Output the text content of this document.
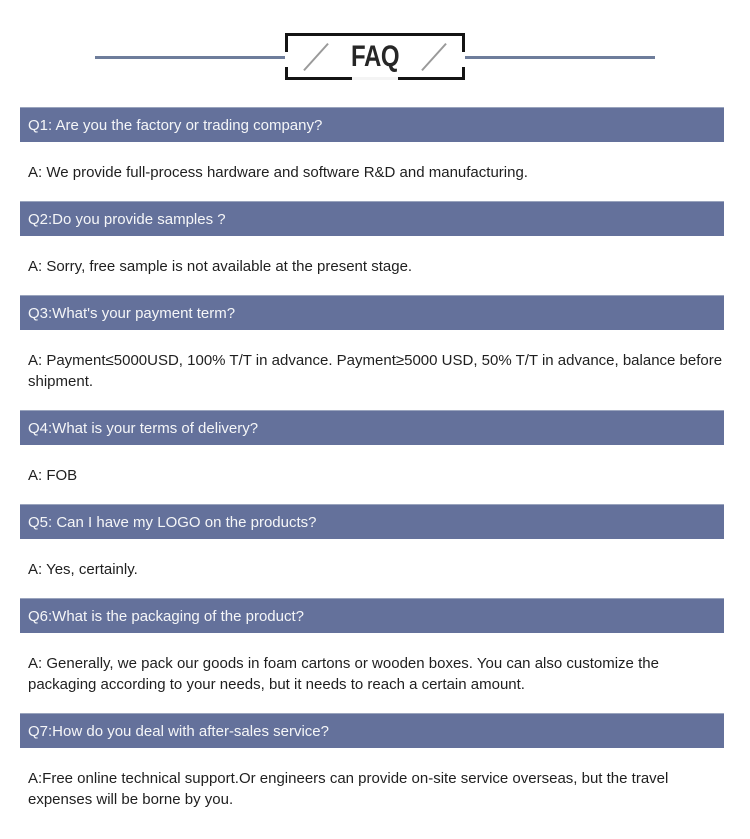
FAQ
Q1: Are you the factory or trading company?
A: We provide full-process hardware and software R&D and manufacturing.
Q2:Do you provide samples ?
A: Sorry, free sample is not available at the present stage.
Q3:What's your payment term?
A: Payment≤5000USD, 100% T/T in advance. Payment≥5000 USD, 50% T/T in advance, balance before shipment.
Q4:What is your terms of delivery?
A: FOB
Q5: Can I have my LOGO on the products?
A: Yes, certainly.
Q6:What is the packaging of the product?
A: Generally, we pack our goods in foam cartons or wooden boxes. You can also customize the packaging according to your needs, but it needs to reach a certain amount.
Q7:How do you deal with after-sales service?
A:Free online technical support.Or engineers can provide on-site service overseas, but the travel expenses will be borne by you.
